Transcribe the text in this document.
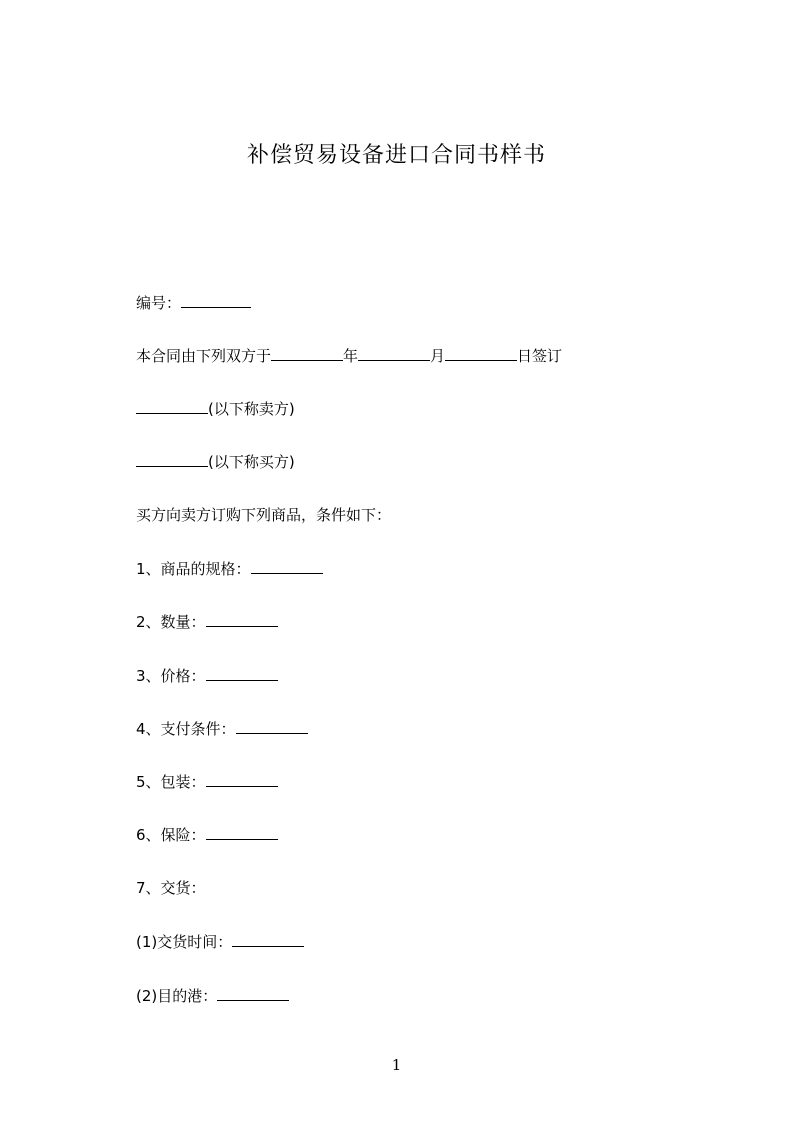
补偿贸易设备进口合同书样书
编号：
本合同由下列双方于	年	月	日签订
(以下称卖方)
(以下称买方)
买方向卖方订购下列商品，条件如下：
1、商品的规格：
2、数量：
3、价格：
4、支付条件：
5、包装：
6、保险：
7、交货：
(1)交货时间：
(2)目的港：
1
